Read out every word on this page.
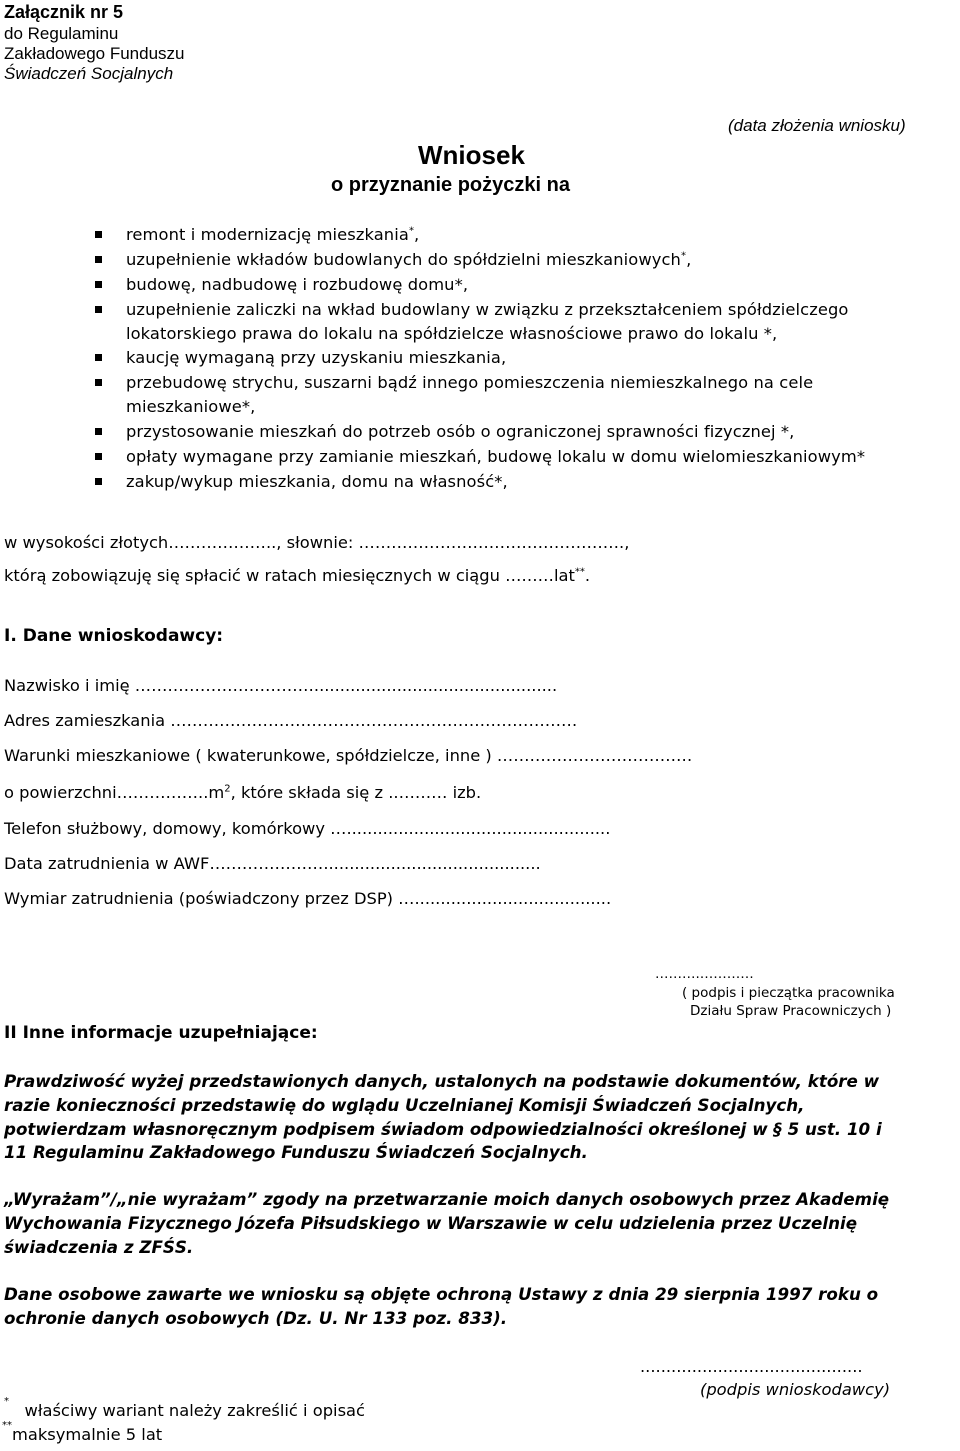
Załącznik nr 5
do Regulaminu
Zakładowego Funduszu
Świadczeń Socjalnych
(data złożenia wniosku)
Wniosek
o przyznanie pożyczki na
remont i modernizację mieszkania*,
uzupełnienie wkładów budowlanych do spółdzielni mieszkaniowych*,
budowę, nadbudowę i rozbudowę domu*,
uzupełnienie zaliczki na wkład budowlany w związku z przekształceniem spółdzielczego
lokatorskiego prawa do lokalu na spółdzielcze własnościowe prawo do lokalu *,
kaucję wymaganą przy uzyskaniu mieszkania,
przebudowę strychu, suszarni bądź innego pomieszczenia niemieszkalnego na cele
mieszkaniowe*,
przystosowanie mieszkań do potrzeb osób o ograniczonej sprawności fizycznej *,
opłaty wymagane przy zamianie mieszkań, budowę lokalu w domu wielomieszkaniowym*
zakup/wykup mieszkania, domu na własność*,
w wysokości złotych……………….., słownie: ………………………………………….,
którą zobowiązuję się spłacić w ratach miesięcznych w ciągu ………lat**.
I. Dane wnioskodawcy:
Nazwisko i imię ……………………………...............................................
Adres zamieszkania …………………………………………………………………
Warunki mieszkaniowe ( kwaterunkowe, spółdzielcze, inne ) ………………………………
o $powierzchni\dots\dots\dots\dots\dots..m^2$, które składa się z ..……… izb.
Telefon służbowy, domowy, komórkowy …...................................................
Data zatrudnienia w AWF…………………..........................................
Wymiar zatrudnienia (poświadczony przez DSP) …......................................
……….…………
( podpis i pieczątka pracownika
Działu Spraw Pracowniczych )
II Inne informacje uzupełniające:
Prawdziwość wyżej przedstawionych danych, ustalonych na podstawie dokumentów, które w
razie konieczności przedstawię do wglądu Uczelnianej Komisji Świadczeń Socjalnych,
potwierdzam własnoręcznym podpisem świadom odpowiedzialności określonej w § 5 ust. 10 i
11 Regulaminu Zakładowego Funduszu Świadczeń Socjalnych.
„Wyrażam”/„nie wyrażam” zgody na przetwarzanie moich danych osobowych przez Akademię
Wychowania Fizycznego Józefa Piłsudskiego w Warszawie w celu udzielenia przez Uczelnię
świadczenia z ZFŚS.
Dane osobowe zawarte we wniosku są objęte ochroną Ustawy z dnia 29 sierpnia 1997 roku o
ochronie danych osobowych (Dz. U. Nr 133 poz. 833).
...........................................
(podpis wnioskodawcy)
* właściwy wariant należy zakreślić i opisać
**maksymalnie 5 lat
